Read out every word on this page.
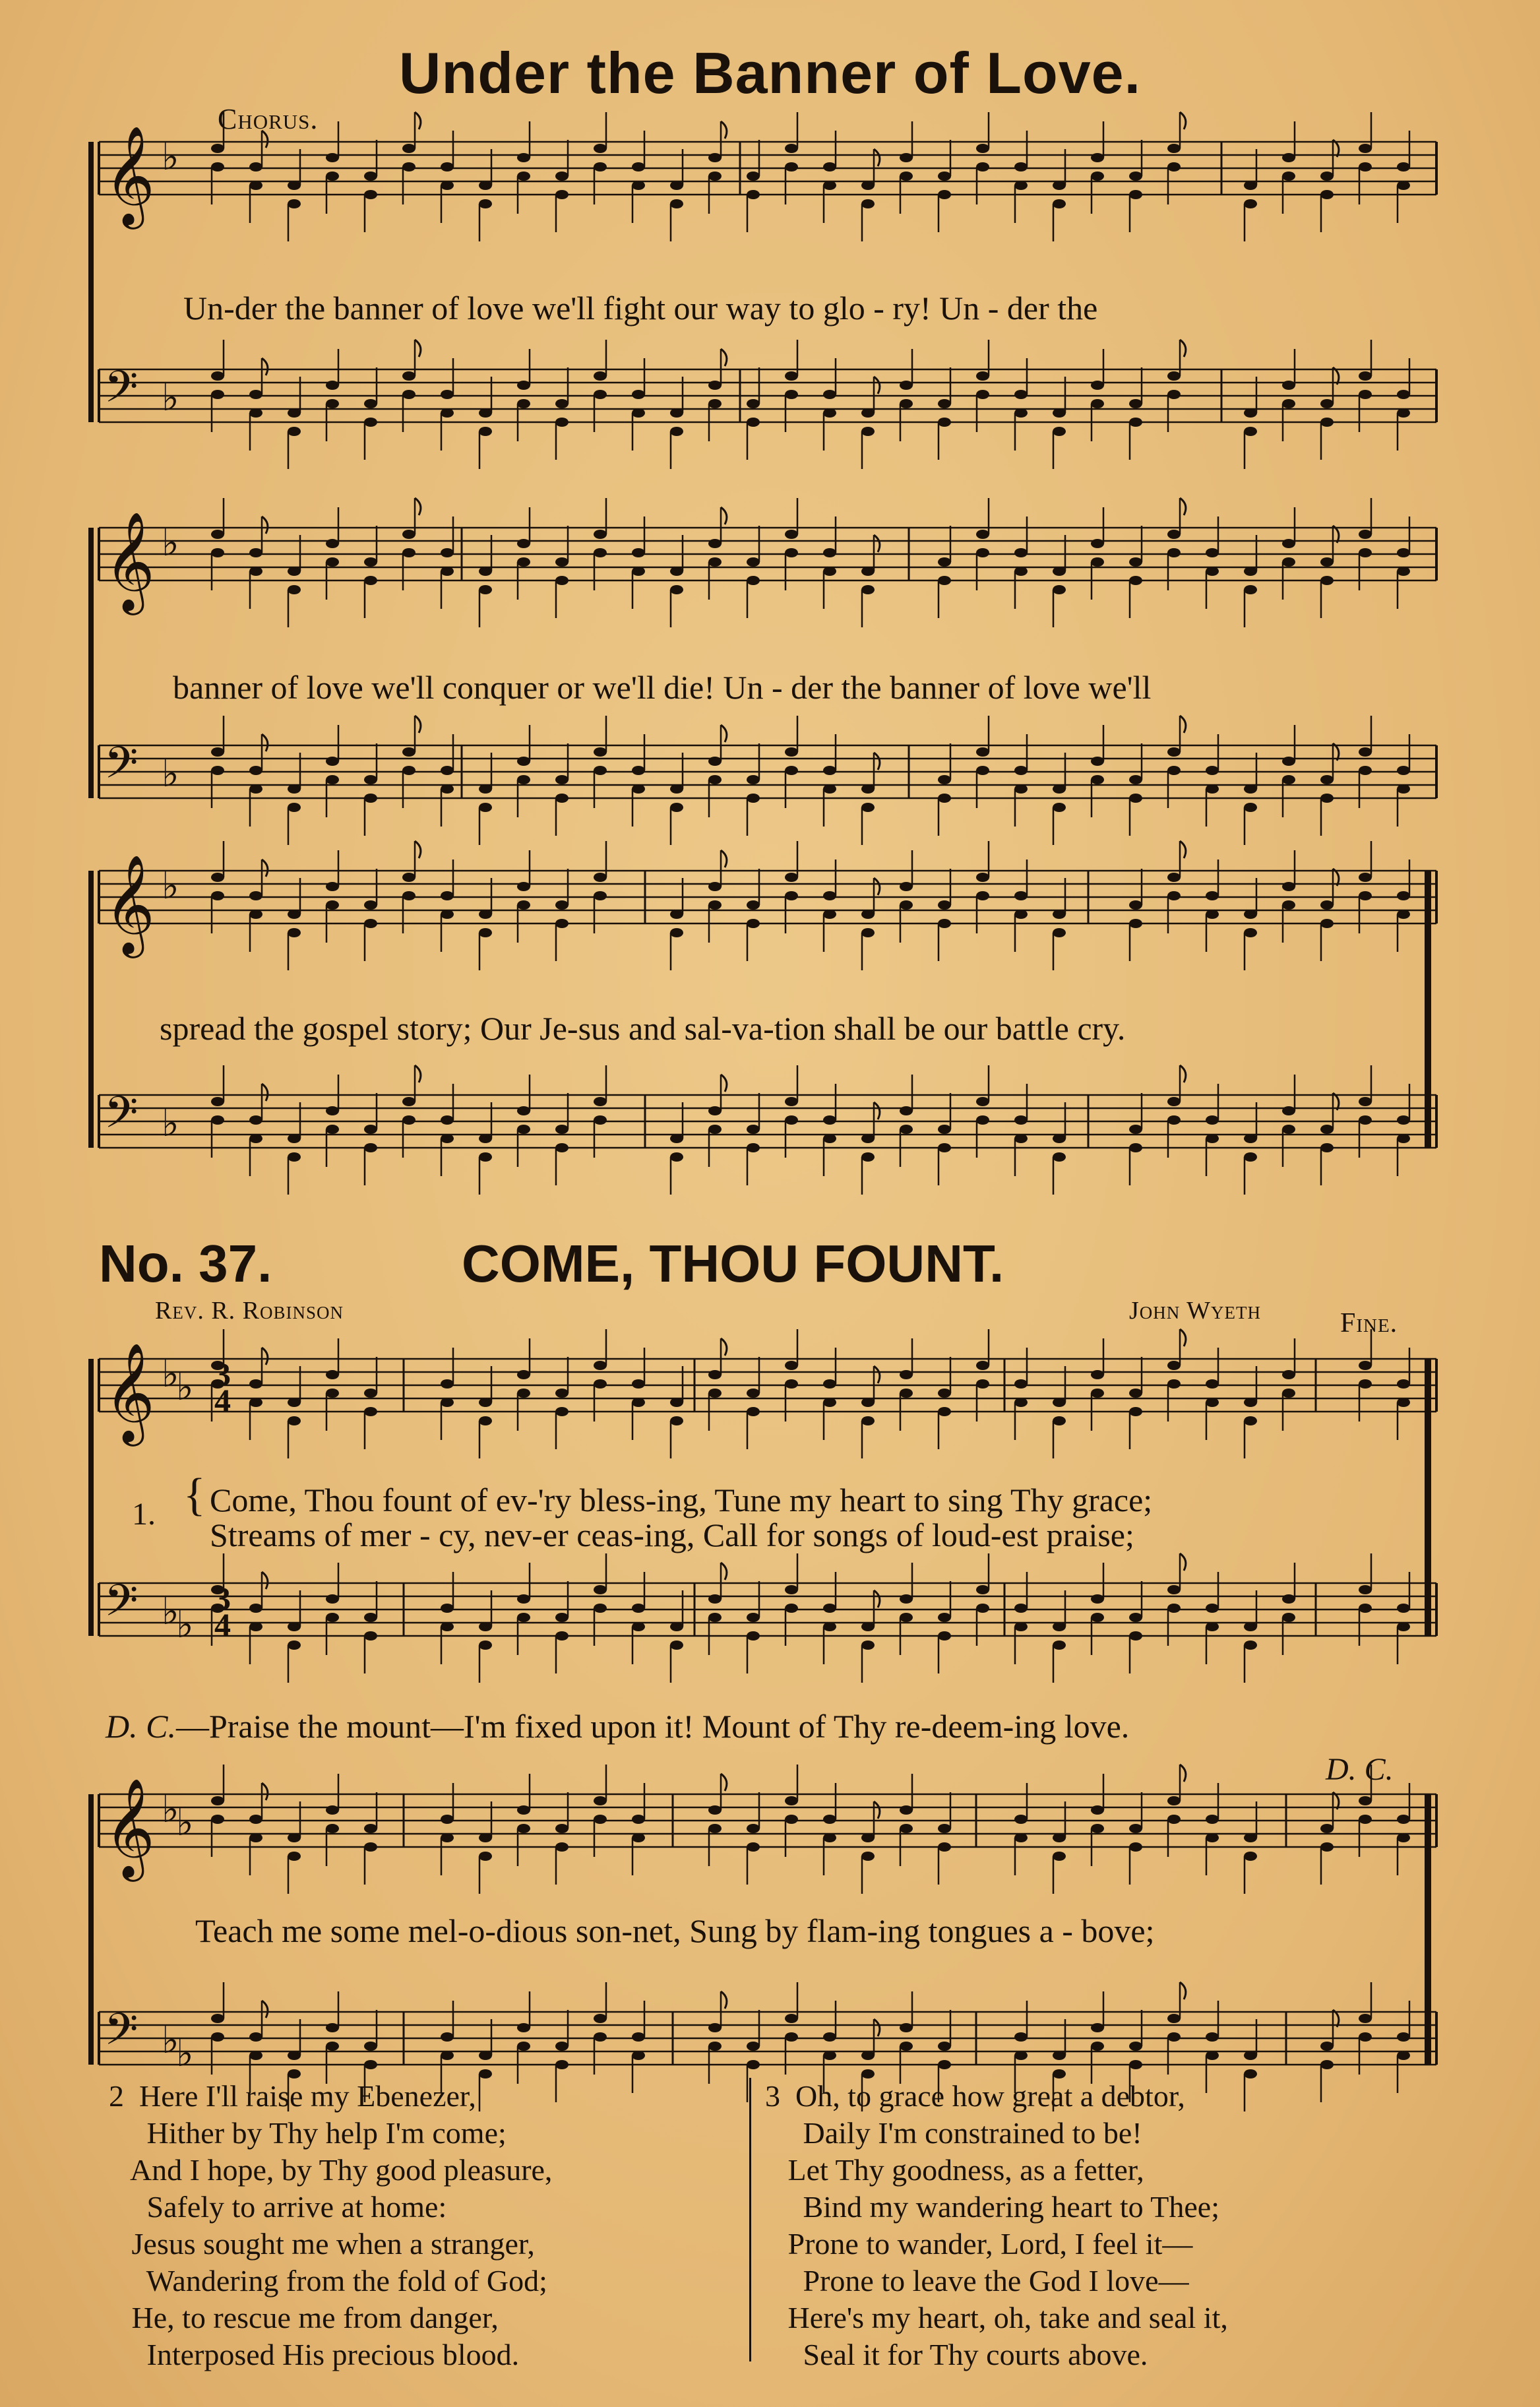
Under the Banner of Love.
Chorus.
𝄞 ♭
𝄢 ♭
𝄞 ♭
𝄢 ♭
𝄞 ♭
𝄢 ♭
𝄞 ♭
♭
𝄢 ♭
♭
𝄞 ♭
♭
𝄢 ♭
♭
3
4
3
4
Un-der the banner of love we'll fight our way to glo - ry! Un - der the
banner of love we'll conquer or we'll die! Un - der the banner of love we'll
spread the gospel story; Our Je-sus and sal-va-tion shall be our battle cry.
No. 37.	COME, THOU FOUNT.
Rev. R. Robinson	John Wyeth	Fine.
1. { Come, Thou fount of ev-'ry bless-ing, Tune my heart to sing Thy grace;
Streams of mer - cy, nev-er ceas-ing, Call for songs of loud-est praise;
D. C.—Praise the mount—I'm fixed upon it! Mount of Thy re-deem-ing love.
D. C.
Teach me some mel-o-dious son-net, Sung by flam-ing tongues a - bove;
2  Here I'll raise my Ebenezer,
Hither by Thy help I'm come;
And I hope, by Thy good pleasure,
Safely to arrive at home:
Jesus sought me when a stranger,
Wandering from the fold of God;
He, to rescue me from danger,
Interposed His precious blood.
3  Oh, to grace how great a debtor,
Daily I'm constrained to be!
Let Thy goodness, as a fetter,
Bind my wandering heart to Thee;
Prone to wander, Lord, I feel it—
Prone to leave the God I love—
Here's my heart, oh, take and seal it,
Seal it for Thy courts above.
